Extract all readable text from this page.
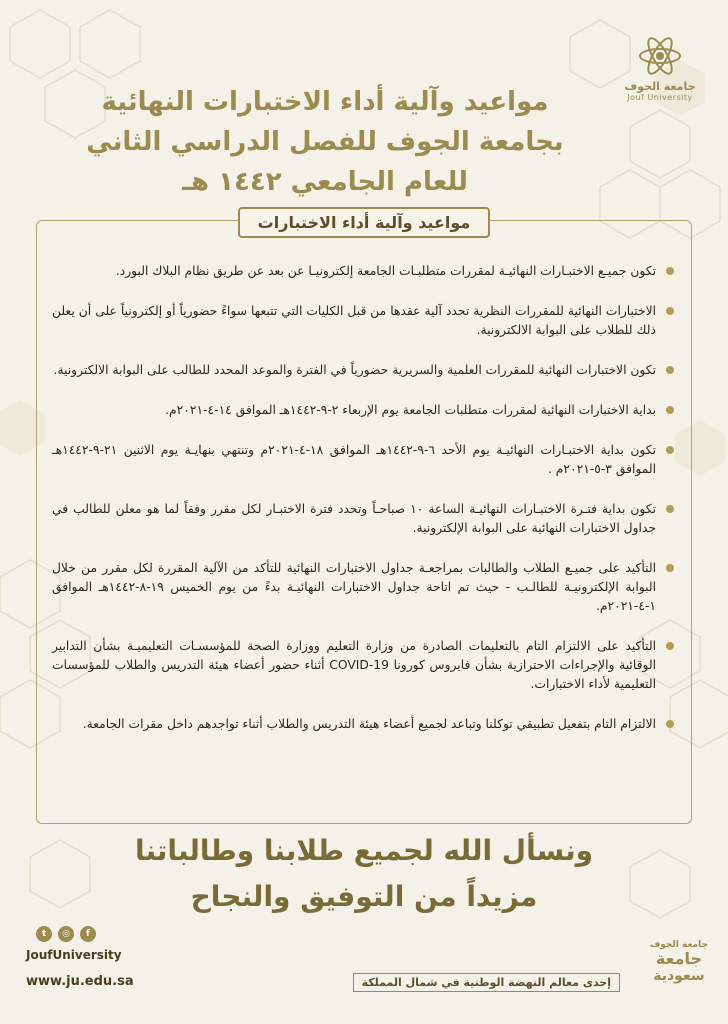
جامعة الجوف
Jouf University
مواعيد وآلية أداء الاختبارات النهائية
بجامعة الجوف للفصل الدراسي الثاني
للعام الجامعي ١٤٤٢ هـ
مواعيد وآلية أداء الاختبارات
تكون جميـع الاختبـارات النهائيـة لمقررات متطلبـات الجامعة إلكترونيـا عن بعد عن طريق نظام البلاك البورد.
الاختبارات النهائية للمقررات النظرية تحدد آلية عقدها من قبل الكليات التي تتبعها سواءً حضورياً أو إلكترونياً على أن يعلن ذلك للطلاب على البوابة الالكترونية.
تكون الاختبارات النهائية للمقررات العلمية والسريرية حضورياً في الفترة والموعد المحدد للطالب على البوابة الالكترونية.
بداية الاختبارات النهائية لمقررات متطلبات الجامعة يوم الإربعاء ٢-٩-١٤٤٢هـ الموافق ١٤-٤-٢٠٢١م.
تكون بداية الاختبـارات النهائيـة يوم الأحد ٦-٩-١٤٤٢هـ الموافق ١٨-٤-٢٠٢١م وتنتهي بنهايـة يوم الاثنين ٢١-٩-١٤٤٢هـ الموافق ٣-٥-٢٠٢١م .
تكون بداية فتـرة الاختبـارات النهائيـة الساعة ١٠ صباحـاً وتحدد فترة الاختبـار لكل مقرر وفقاً لما هو معلن للطالب في جداول الاختبارات النهائية على البوابة الإلكترونية.
التأكيد على جميـع الطلاب والطالبات بمراجعـة جداول الاختبارات النهائية للتأكد من الآلية المقررة لكل مقرر من خلال البوابة الإلكترونيـة للطالـب - حيث تم اتاحة جداول الاختبارات النهائيـة بدءً من يوم الخميس ١٩-٨-١٤٤٢هـ الموافق ١-٤-٢٠٢١م.
التأكيد على الالتزام التام بالتعليمات الصادرة من وزارة التعليم ووزارة الصحة للمؤسسـات التعليميـة بشأن التدابير الوقائية والإجراءات الاحترازية بشأن فايروس كورونا COVID-19 أثناء حضور أعضاء هيئة التدريس والطلاب للمؤسسات التعليمية لأداء الاختبارات.
الالتزام التام بتفعيل تطبيقي توكلنا وتباعد لجميع أعضاء هيئة التدريس والطلاب أثناء تواجدهم داخل مقرات الجامعة.
ونسأل الله لجميع طلابنا وطالباتنا
مزيداً من التوفيق والنجاح
t	◎	f
JoufUniversity
www.ju.edu.sa	إحدى معالم النهضة الوطنية في شمال المملكة
جامعة الجوف
جامعة
سعودية
